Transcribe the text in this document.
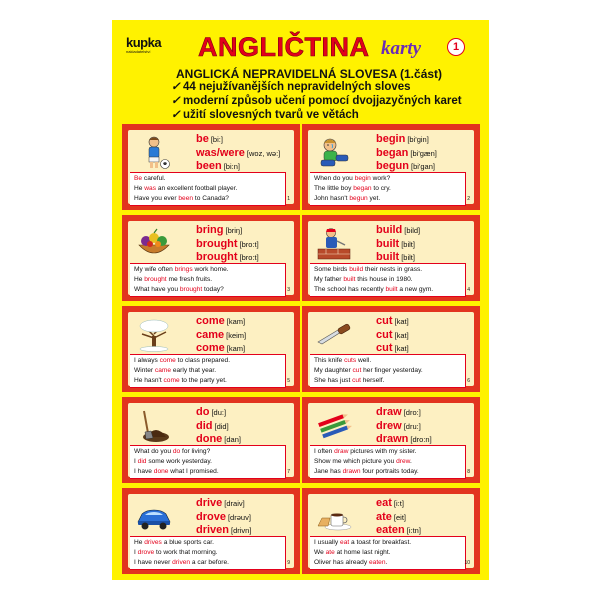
kupka
nakladatelství	ANGLIČTINA karty	1
ANGLICKÁ NEPRAVIDELNÁ SLOVESA (1.část)
✓ 44 nejužívanějších nepravidelných sloves
✓ moderní způsob učení pomocí dvojjazyčných karet
✓ užití slovesných tvarů ve větách
be [bi:]
was/were [woz, wə:]
been [bi:n]
Be careful.
He was an excellent football player.
Have you ever been to Canada?	1
begin [bi'gin]
began [bi'gæn]
begun [bi'gan]
When do you begin work?
The little boy began to cry.
John hasn't begun yet.	2
bring [briŋ]
brought [bro:t]
brought [bro:t]
My wife often brings work home.
He brought me fresh fruits.
What have you brought today?	3
build [bild]
built [bilt]
built [bilt]
Some birds build their nests in grass.
My father built this house in 1980.
The school has recently built a new gym.	4
come [kam]
came [keim]
come [kam]
I always come to class prepared.
Winter came early that year.
He hasn't come to the party yet.	5
cut [kat]
cut [kat]
cut [kat]
This knife cuts well.
My daughter cut her finger yesterday.
She has just cut herself.	6
do [du:]
did [did]
done [dan]
What do you do for living?
I did some work yesterday.
I have done what I promised.	7
draw [dro:]
drew [dru:]
drawn [dro:n]
I often draw pictures with my sister.
Show me which picture you drew.
Jane has drawn four portraits today.	8
drive [draiv]
drove [drәuv]
driven [drivn]
He drives a blue sports car.
I drove to work that morning.
I have never driven a car before.	9
eat [i:t]
ate [eit]
eaten [i:tn]
I usually eat a toast for breakfast.
We ate at home last night.
Oliver has already eaten.	10
